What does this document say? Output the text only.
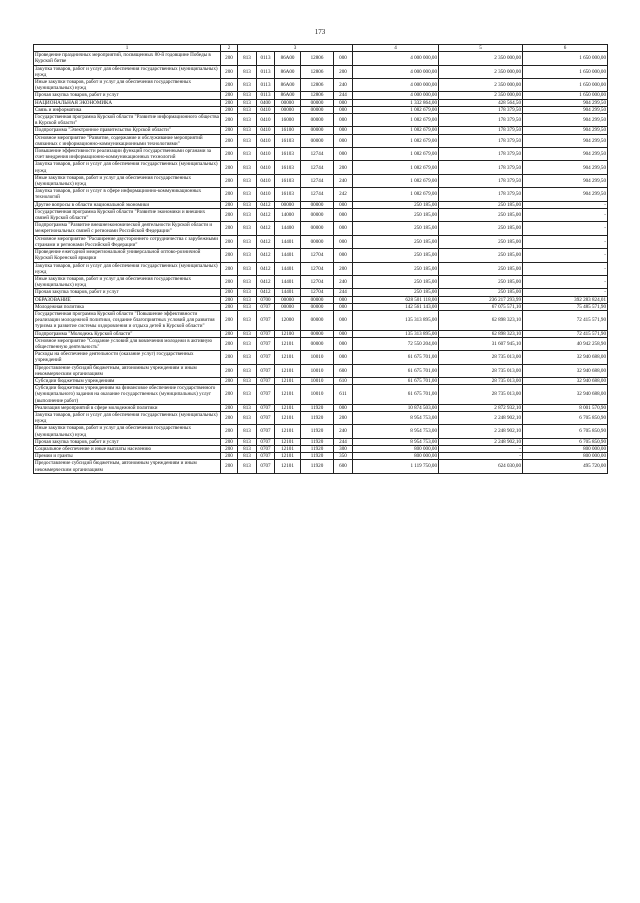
173
1	2	3					4	5	6
Проведение праздничных мероприятий, посвященных 80-й годовщине Победы в Курской битве	200	813	0113	86А00	12806	000	4 000 000,00	2 350 000,00	1 650 000,00
Закупка товаров, работ и услуг для обеспечения государственных (муниципальных) нужд	200	813	0113	86А00	12806	200	4 000 000,00	2 350 000,00	1 650 000,00
Иные закупки товаров, работ и услуг для обеспечения государственных (муниципальных) нужд	200	813	0113	86А00	12806	240	4 000 000,00	2 350 000,00	1 650 000,00
Прочая закупка товаров, работ и услуг	200	813	0113	86А00	12806	244	4 000 000,00	2 350 000,00	1 650 000,00
НАЦИОНАЛЬНАЯ ЭКОНОМИКА	200	813	0400	00000	00000	000	1 332 864,00	428 564,50	904 299,50
Связь и информатика	200	813	0410	00000	00000	000	1 082 679,00	178 379,50	904 299,50
Государственная программа Курской области "Развитие информационного общества в Курской области"	200	813	0410	16000	00000	000	1 082 679,00	178 379,50	904 299,50
Подпрограмма "Электронное правительство Курской области"	200	813	0410	16100	00000	000	1 082 679,00	178 379,50	904 299,50
Основное мероприятие "Развитие, содержание и обслуживание мероприятий связанных с информационно-коммуникационными технологиями"	200	813	0410	16103	00000	000	1 082 679,00	178 379,50	904 299,50
Повышение эффективности реализации функций государственными органами за счет внедрения информационно-коммуникационных технологий	200	813	0410	16103	12744	000	1 082 679,00	178 379,50	904 299,50
Закупка товаров, работ и услуг для обеспечения государственных (муниципальных) нужд	200	813	0410	16103	12744	200	1 082 679,00	178 379,50	904 299,50
Иные закупки товаров, работ и услуг для обеспечения государственных (муниципальных) нужд	200	813	0410	16103	12744	240	1 082 679,00	178 379,50	904 299,50
Закупка товаров, работ и услуг в сфере информационно-коммуникационных технологий	200	813	0410	16103	12744	242	1 082 679,00	178 379,50	904 299,50
Другие вопросы в области национальной экономики	200	813	0412	00000	00000	000	250 185,00	250 185,00	-
Государственная программа Курской области "Развитие экономики и внешних связей Курской области"	200	813	0412	14000	00000	000	250 185,00	250 185,00	-
Подпрограмма "Развитие внешнеэкономической деятельности Курской области и межрегиональных связей с регионами Российской Федерации"	200	813	0412	14400	00000	000	250 185,00	250 185,00	-
Основное мероприятие "Расширение двустороннего сотрудничества с зарубежными странами и регионами Российской Федерации"	200	813	0412	14401	00000	000	250 185,00	250 185,00	-
Проведение ежегодной межрегиональной универсальной оптово-розничной Курской Коренской ярмарки	200	813	0412	14401	12704	000	250 185,00	250 185,00	-
Закупка товаров, работ и услуг для обеспечения государственных (муниципальных) нужд	200	813	0412	14401	12704	200	250 185,00	250 185,00	-
Иные закупки товаров, работ и услуг для обеспечения государственных (муниципальных) нужд	200	813	0412	14401	12704	240	250 185,00	250 185,00	-
Прочая закупка товаров, работ и услуг	200	813	0412	14401	12704	244	250 185,00	250 185,00	-
ОБРАЗОВАНИЕ	200	813	0700	00000	00000	000	628 501 118,00	236 217 293,99	392 283 824,01
Молодежная политика	200	813	0707	00000	00000	000	142 561 143,00	67 075 571,10	75 485 571,90
Государственная программа Курской области "Повышение эффективности реализации молодежной политики, создание благоприятных условий для развития туризма и развитие системы оздоровления и отдыха детей в Курской области"	200	813	0707	12000	00000	000	135 313 895,00	62 898 323,10	72 415 571,90
Подпрограмма "Молодежь Курской области"	200	813	0707	12100	00000	000	135 313 895,00	62 898 323,10	72 415 571,90
Основное мероприятие "Создание условий для вовлечения молодежи в активную общественную деятельность"	200	813	0707	12101	00000	000	72 550 204,00	31 607 945,10	40 942 258,90
Расходы на обеспечение деятельности (оказание услуг) государственных учреждений	200	813	0707	12101	10010	000	61 675 701,00	28 735 013,00	32 940 688,00
Предоставление субсидий бюджетным, автономным учреждениям и иным некоммерческим организациям	200	813	0707	12101	10010	600	61 675 701,00	28 735 013,00	32 940 688,00
Субсидии бюджетным учреждениям	200	813	0707	12101	10010	610	61 675 701,00	28 735 013,00	32 940 688,00
Субсидии бюджетным учреждениям на финансовое обеспечение государственного (муниципального) задания на оказание государственных (муниципальных) услуг (выполнение работ)	200	813	0707	12101	10010	611	61 675 701,00	28 735 013,00	32 940 688,00
Реализация мероприятий в сфере молодежной политики	200	813	0707	12101	11920	000	10 874 503,00	2 872 932,10	8 001 570,90
Закупка товаров, работ и услуг для обеспечения государственных (муниципальных) нужд	200	813	0707	12101	11920	200	8 954 753,00	2 248 902,10	6 705 850,90
Иные закупки товаров, работ и услуг для обеспечения государственных (муниципальных) нужд	200	813	0707	12101	11920	240	8 954 753,00	2 248 902,10	6 705 850,90
Прочая закупка товаров, работ и услуг	200	813	0707	12101	11920	244	8 954 753,00	2 248 902,10	6 705 850,90
Социальное обеспечение и иные выплаты населению	200	813	0707	12101	11920	300	800 000,00	-	800 000,00
Премии и гранты	200	813	0707	12101	11920	350	800 000,00	-	800 000,00
Предоставление субсидий бюджетным, автономным учреждениям и иным некоммерческим организациям	200	813	0707	12101	11920	600	1 119 750,00	624 030,00	495 720,00
